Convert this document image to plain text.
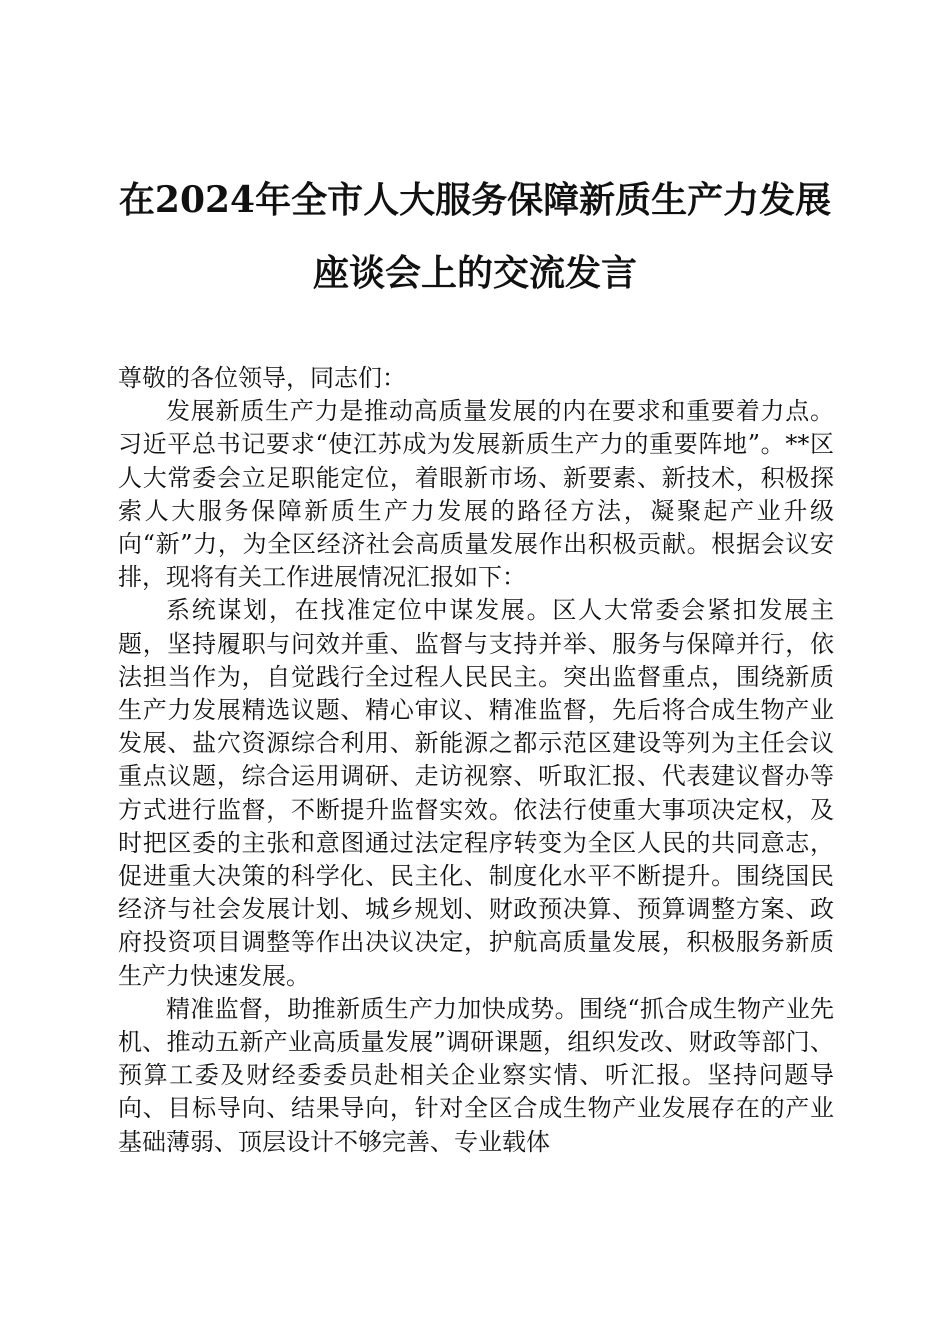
在2024年全市人大服务保障新质生产力发展
座谈会上的交流发言

尊敬的各位领导，同志们：

发展新质生产力是推动高质量发展的内在要求和重要着力点。习近平总书记要求“使江苏成为发展新质生产力的重要阵地”。**区人大常委会立足职能定位，着眼新市场、新要素、新技术，积极探索人大服务保障新质生产力发展的路径方法，凝聚起产业升级向“新”力，为全区经济社会高质量发展作出积极贡献。根据会议安排，现将有关工作进展情况汇报如下：

系统谋划，在找准定位中谋发展。区人大常委会紧扣发展主题，坚持履职与问效并重、监督与支持并举、服务与保障并行，依法担当作为，自觉践行全过程人民民主。突出监督重点，围绕新质生产力发展精选议题、精心审议、精准监督，先后将合成生物产业发展、盐穴资源综合利用、新能源之都示范区建设等列为主任会议重点议题，综合运用调研、走访视察、听取汇报、代表建议督办等方式进行监督，不断提升监督实效。依法行使重大事项决定权，及时把区委的主张和意图通过法定程序转变为全区人民的共同意志，促进重大决策的科学化、民主化、制度化水平不断提升。围绕国民经济与社会发展计划、城乡规划、财政预决算、预算调整方案、政府投资项目调整等作出决议决定，护航高质量发展，积极服务新质生产力快速发展。

精准监督，助推新质生产力加快成势。围绕“抓合成生物产业先机、推动五新产业高质量发展”调研课题，组织发改、财政等部门、预算工委及财经委委员赴相关企业察实情、听汇报。坚持问题导向、目标导向、结果导向，针对全区合成生物产业发展存在的产业基础薄弱、顶层设计不够完善、专业载体
